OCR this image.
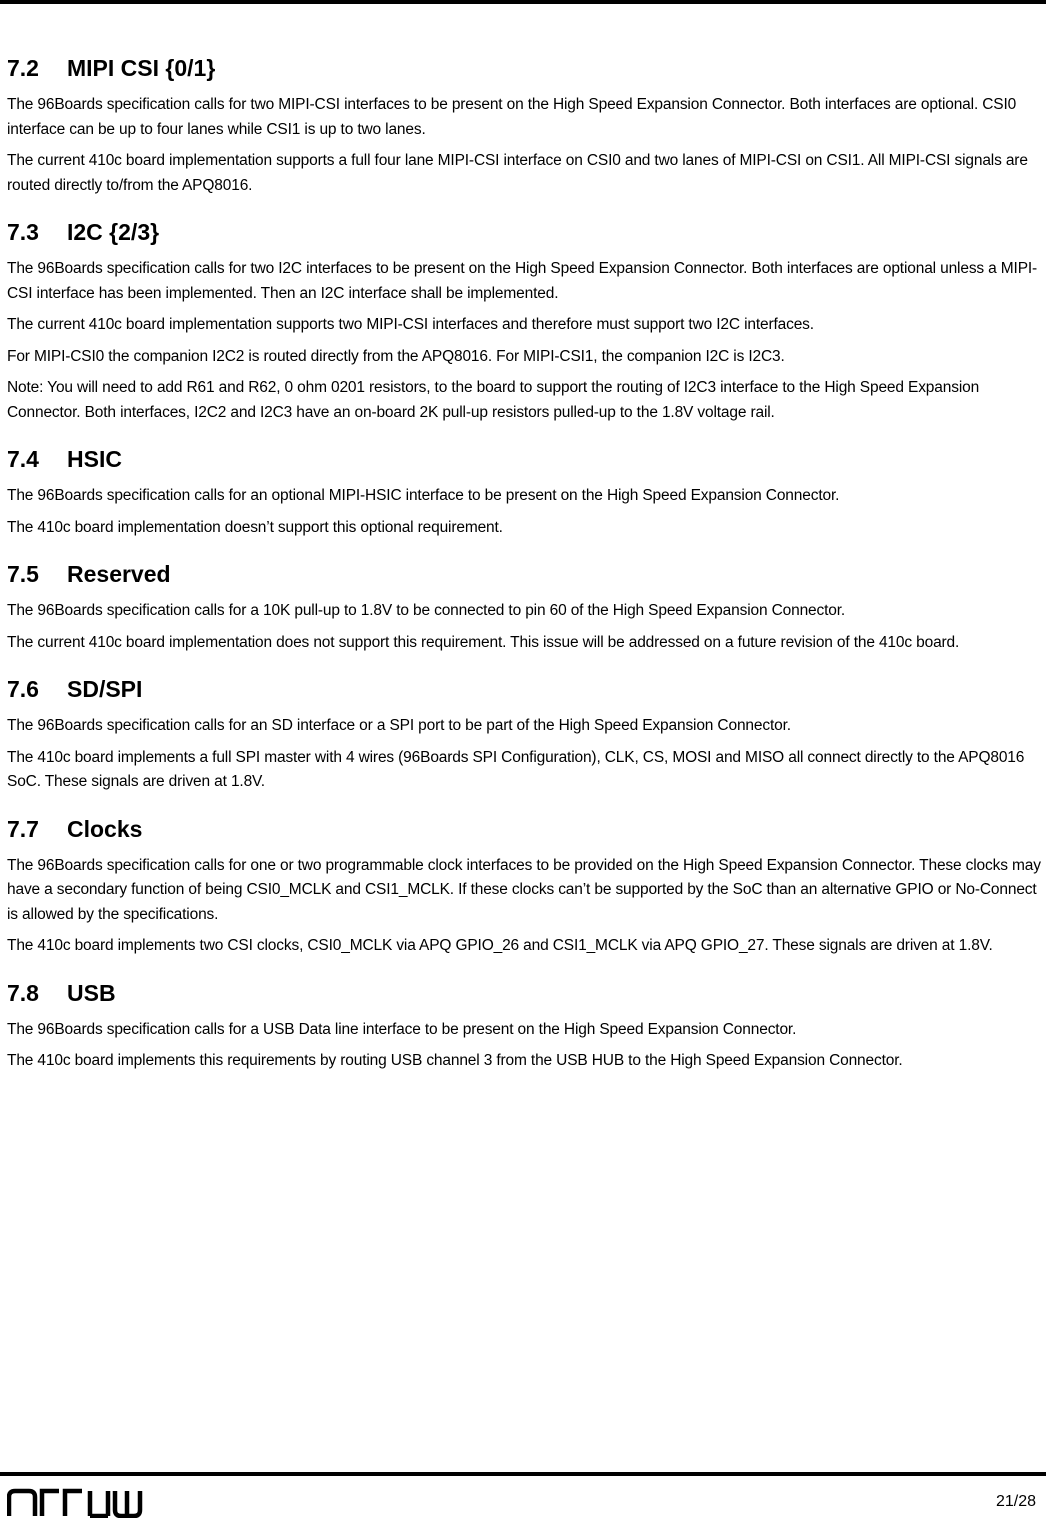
7.2	MIPI CSI {0/1}

The 96Boards specification calls for two MIPI-CSI interfaces to be present on the High Speed Expansion Connector. Both interfaces are optional. CSI0 interface can be up to four lanes while CSI1 is up to two lanes.

The current 410c board implementation supports a full four lane MIPI-CSI interface on CSI0 and two lanes of MIPI-CSI on CSI1. All MIPI-CSI signals are routed directly to/from the APQ8016.

7.3	I2C {2/3}

The 96Boards specification calls for two I2C interfaces to be present on the High Speed Expansion Connector. Both interfaces are optional unless a MIPI-CSI interface has been implemented. Then an I2C interface shall be implemented.

The current 410c board implementation supports two MIPI-CSI interfaces and therefore must support two I2C interfaces.

For MIPI-CSI0 the companion I2C2 is routed directly from the APQ8016. For MIPI-CSI1, the companion I2C is I2C3.

Note: You will need to add R61 and R62, 0 ohm 0201 resistors, to the board to support the routing of I2C3 interface to the High Speed Expansion Connector. Both interfaces, I2C2 and I2C3 have an on-board 2K pull-up resistors pulled-up to the 1.8V voltage rail.

7.4	HSIC

The 96Boards specification calls for an optional MIPI-HSIC interface to be present on the High Speed Expansion Connector.

The 410c board implementation doesn’t support this optional requirement.

7.5	Reserved

The 96Boards specification calls for a 10K pull-up to 1.8V to be connected to pin 60 of the High Speed Expansion Connector.

The current 410c board implementation does not support this requirement. This issue will be addressed on a future revision of the 410c board.

7.6	SD/SPI

The 96Boards specification calls for an SD interface or a SPI port to be part of the High Speed Expansion Connector.

The 410c board implements a full SPI master with 4 wires (96Boards SPI Configuration), CLK, CS, MOSI and MISO all connect directly to the APQ8016 SoC. These signals are driven at 1.8V.

7.7	Clocks

The 96Boards specification calls for one or two programmable clock interfaces to be provided on the High Speed Expansion Connector. These clocks may have a secondary function of being CSI0_MCLK and CSI1_MCLK. If these clocks can’t be supported by the SoC than an alternative GPIO or No-Connect is allowed by the specifications.

The 410c board implements two CSI clocks, CSI0_MCLK via APQ GPIO_26 and CSI1_MCLK via APQ GPIO_27. These signals are driven at 1.8V.

7.8	USB

The 96Boards specification calls for a USB Data line interface to be present on the High Speed Expansion Connector.

The 410c board implements this requirements by routing USB channel 3 from the USB HUB to the High Speed Expansion Connector.

21/28
